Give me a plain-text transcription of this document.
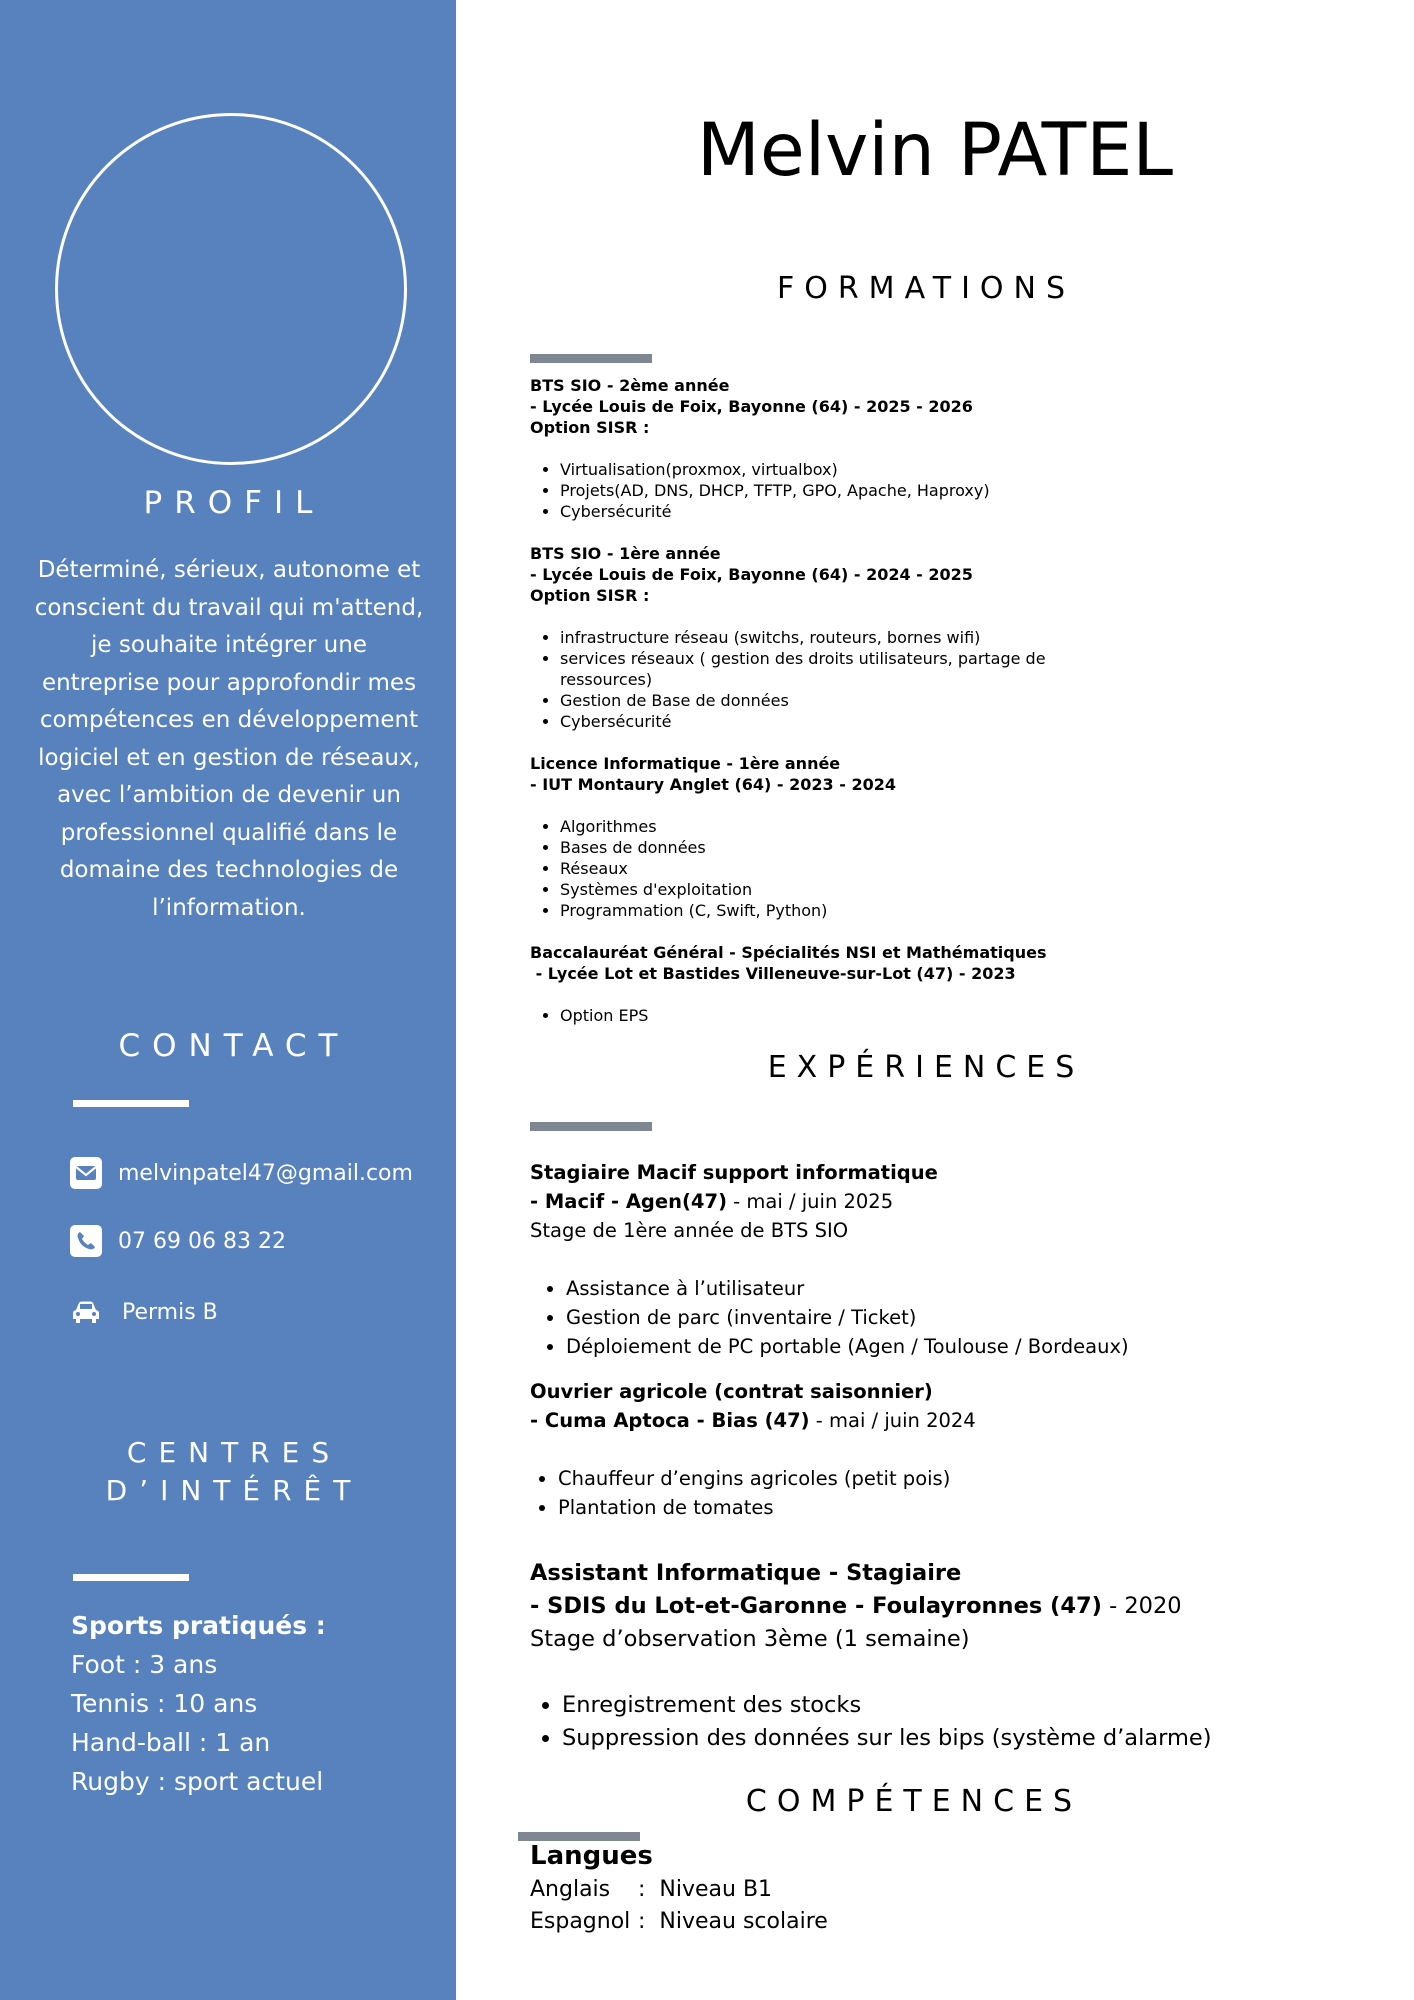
PROFIL
Déterminé, sérieux, autonome et conscient du travail qui m'attend, je souhaite intégrer une entreprise pour approfondir mes compétences en développement logiciel et en gestion de réseaux, avec l’ambition de devenir un professionnel qualifié dans le domaine des technologies de l’information.
CONTACT
melvinpatel47@gmail.com
07 69 06 83 22
Permis B
CENTRES
D’INTÉRÊT
Sports pratiqués :
Foot : 3 ans
Tennis : 10 ans
Hand-ball : 1 an
Rugby : sport actuel
Melvin PATEL
FORMATIONS
BTS SIO - 2ème année
- Lycée Louis de Foix, Bayonne (64) - 2025 - 2026
Option SISR :
• Virtualisation(proxmox, virtualbox)
• Projets(AD, DNS, DHCP, TFTP, GPO, Apache, Haproxy)
• Cybersécurité
BTS SIO - 1ère année
- Lycée Louis de Foix, Bayonne (64) - 2024 - 2025
Option SISR :
• infrastructure réseau (switchs, routeurs, bornes wifi)
• services réseaux ( gestion des droits utilisateurs, partage de ressources)
• Gestion de Base de données
• Cybersécurité
Licence Informatique - 1ère année
- IUT Montaury Anglet (64) - 2023 - 2024
• Algorithmes
• Bases de données
• Réseaux
• Systèmes d'exploitation
• Programmation (C, Swift, Python)
Baccalauréat Général - Spécialités NSI et Mathématiques
- Lycée Lot et Bastides Villeneuve-sur-Lot (47) - 2023
• Option EPS
EXPÉRIENCES
Stagiaire Macif support informatique
- Macif - Agen(47) - mai / juin 2025
Stage de 1ère année de BTS SIO
• Assistance à l’utilisateur
• Gestion de parc (inventaire / Ticket)
• Déploiement de PC portable (Agen / Toulouse / Bordeaux)
Ouvrier agricole (contrat saisonnier)
- Cuma Aptoca - Bias (47) - mai / juin 2024
• Chauffeur d’engins agricoles (petit pois)
• Plantation de tomates
Assistant Informatique - Stagiaire
- SDIS du Lot-et-Garonne - Foulayronnes (47) - 2020
Stage d’observation 3ème (1 semaine)
• Enregistrement des stocks
• Suppression des données sur les bips (système d’alarme)
COMPÉTENCES
Langues
Anglais : Niveau B1
Espagnol : Niveau scolaire
